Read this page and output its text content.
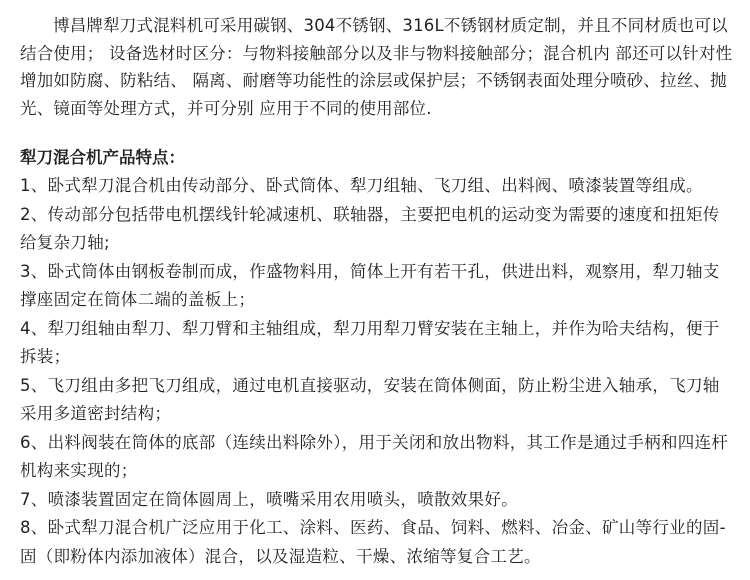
博昌牌犁刀式混料机可采用碳钢、304不锈钢、316L不锈钢材质定制，并且不同材质也可以结合使用； 设备选材时区分：与物料接触部分以及非与物料接触部分；混合机内 部还可以针对性增加如防腐、防粘结、 隔离、耐磨等功能性的涂层或保护层；不锈钢表面处理分喷砂、拉丝、抛光、镜面等处理方式，并可分别 应用于不同的使用部位.

犁刀混合机产品特点：
1、卧式犁刀混合机由传动部分、卧式筒体、犁刀组轴、飞刀组、出料阀、喷漆装置等组成。
2、传动部分包括带电机摆线针轮减速机、联轴器，主要把电机的运动变为需要的速度和扭矩传给复杂刀轴;
3、卧式筒体由钢板卷制而成，作盛物料用，简体上开有若干孔，供进出料，观察用，犁刀轴支撑座固定在筒体二端的盖板上；
4、犁刀组轴由犁刀、犁刀臂和主轴组成，犁刀用犁刀臂安装在主轴上，并作为哈夫结构，便于拆装；
5、飞刀组由多把飞刀组成，通过电机直接驱动，安装在筒体侧面，防止粉尘进入轴承，飞刀轴采用多道密封结构；
6、出料阀装在筒体的底部（连续出料除外），用于关闭和放出物料，其工作是通过手柄和四连杆机构来实现的；
7、喷漆装置固定在筒体圆周上，喷嘴采用农用喷头，喷散效果好。
8、卧式犁刀混合机广泛应用于化工、涂料、医药、食品、饲料、燃料、冶金、矿山等行业的固-固（即粉体内添加液体）混合，以及湿造粒、干燥、浓缩等复合工艺。
